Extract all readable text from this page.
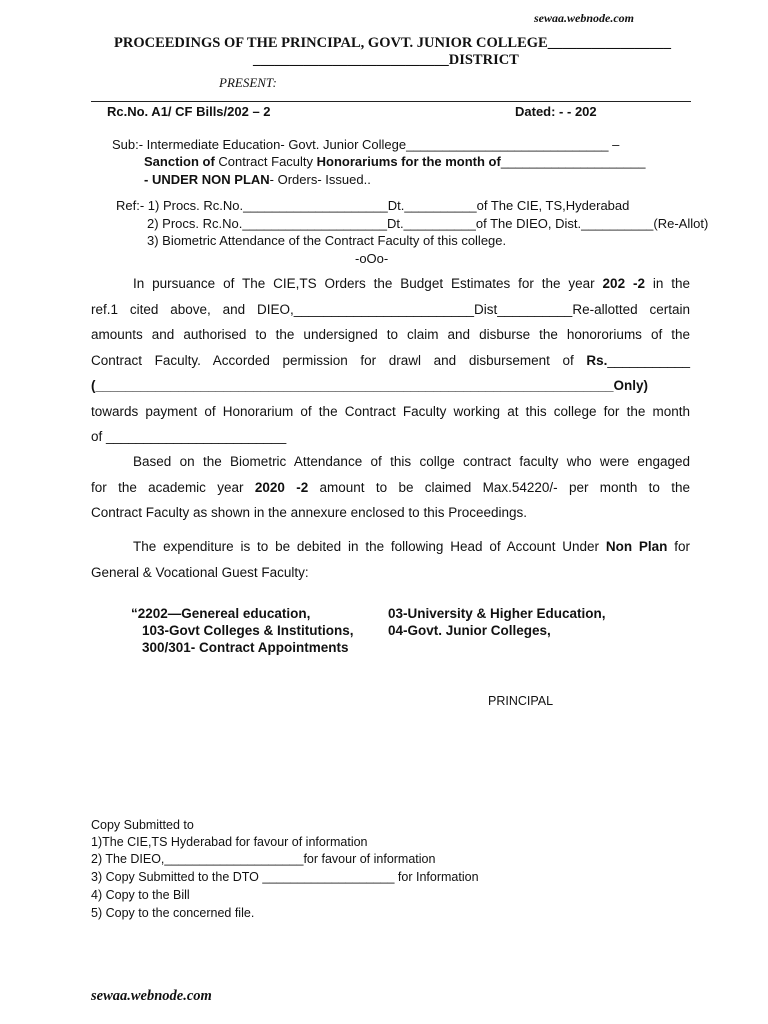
sewaa.webnode.com
PROCEEDINGS OF THE PRINCIPAL, GOVT. JUNIOR COLLEGE_________________
___________________________DISTRICT
PRESENT:
Rc.No. A1/ CF Bills/202 – 2	Dated: - - 202
Sub:- Intermediate Education- Govt. Junior College____________________________ –
Sanction of Contract Faculty Honorariums for the month of____________________
- UNDER NON PLAN- Orders- Issued..
Ref:- 1) Procs. Rc.No.____________________Dt.__________of The CIE, TS,Hyderabad
2) Procs. Rc.No.____________________Dt.__________of The DIEO, Dist.__________(Re-Allot)
3) Biometric Attendance of the Contract Faculty of this college.
-oOo-
In pursuance of The CIE,TS Orders the Budget Estimates for the year 202 -2 in the
ref.1 cited above, and DIEO,________________________Dist__________Re-allotted certain
amounts and authorised to the undersigned to claim and disburse the honororiums of the
Contract Faculty. Accorded permission for drawl and disbursement of Rs.___________
(_____________________________________________________________________Only)
towards payment of Honorarium of the Contract Faculty working at this college for the month
of ________________________
Based on the Biometric Attendance of this collge contract faculty who were engaged
for the academic year 2020 -2 amount to be claimed Max.54220/- per month to the
Contract Faculty as shown in the annexure enclosed to this Proceedings.
The expenditure is to be debited in the following Head of Account Under Non Plan for
General & Vocational Guest Faculty:
“2202—Genereal education,
103-Govt Colleges & Institutions,
300/301- Contract Appointments
03-University & Higher Education,
04-Govt. Junior Colleges,
PRINCIPAL
Copy Submitted to
1)The CIE,TS Hyderabad for favour of information
2) The DIEO,____________________for favour of information
3) Copy Submitted to the DTO ___________________ for Information
4) Copy to the Bill
5) Copy to the concerned file.
sewaa.webnode.com
